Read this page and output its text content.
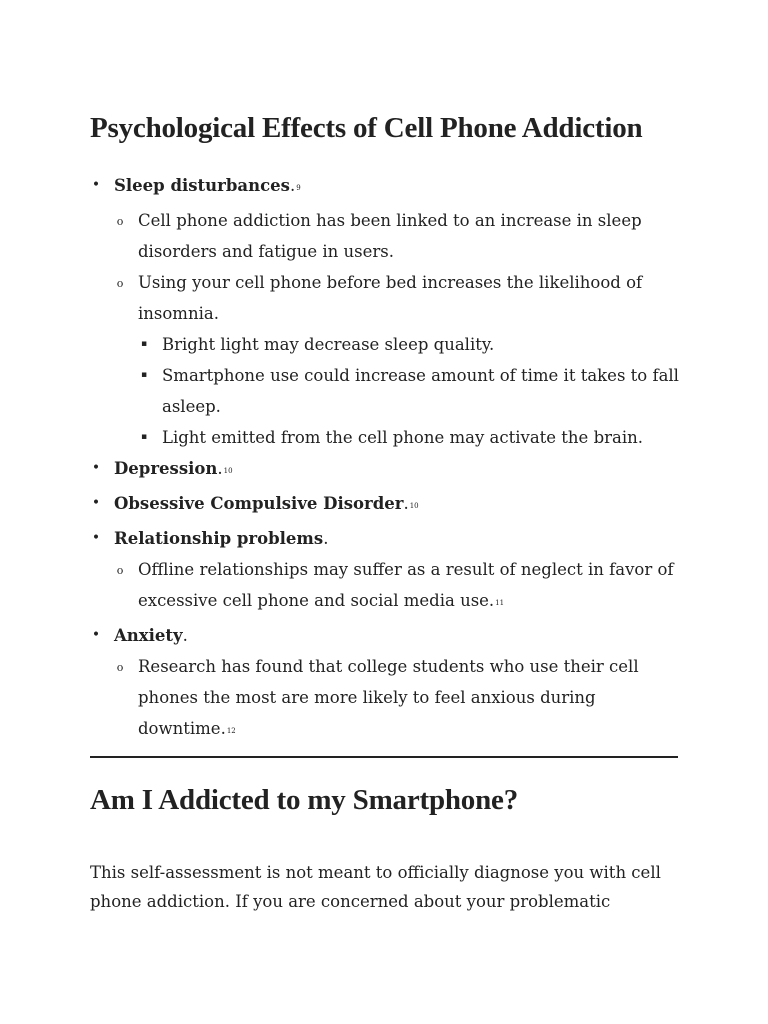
Psychological Effects of Cell Phone Addiction
• Sleep disturbances.$^9$
o Cell phone addiction has been linked to an increase in sleep disorders and fatigue in users.
o Using your cell phone before bed increases the likelihood of insomnia.
▪ Bright light may decrease sleep quality.
▪ Smartphone use could increase amount of time it takes to fall asleep.
▪ Light emitted from the cell phone may activate the brain.
• Depression.$^{10}$
• Obsessive Compulsive Disorder.$^{10}$
• Relationship problems.
o Offline relationships may suffer as a result of neglect in favor of excessive cell phone and social media use.$^{11}$
• Anxiety.
o Research has found that college students who use their cell phones the most are more likely to feel anxious during downtime.$^{12}$
Am I Addicted to my Smartphone?

This self-assessment is not meant to officially diagnose you with cell phone addiction. If you are concerned about your problematic
